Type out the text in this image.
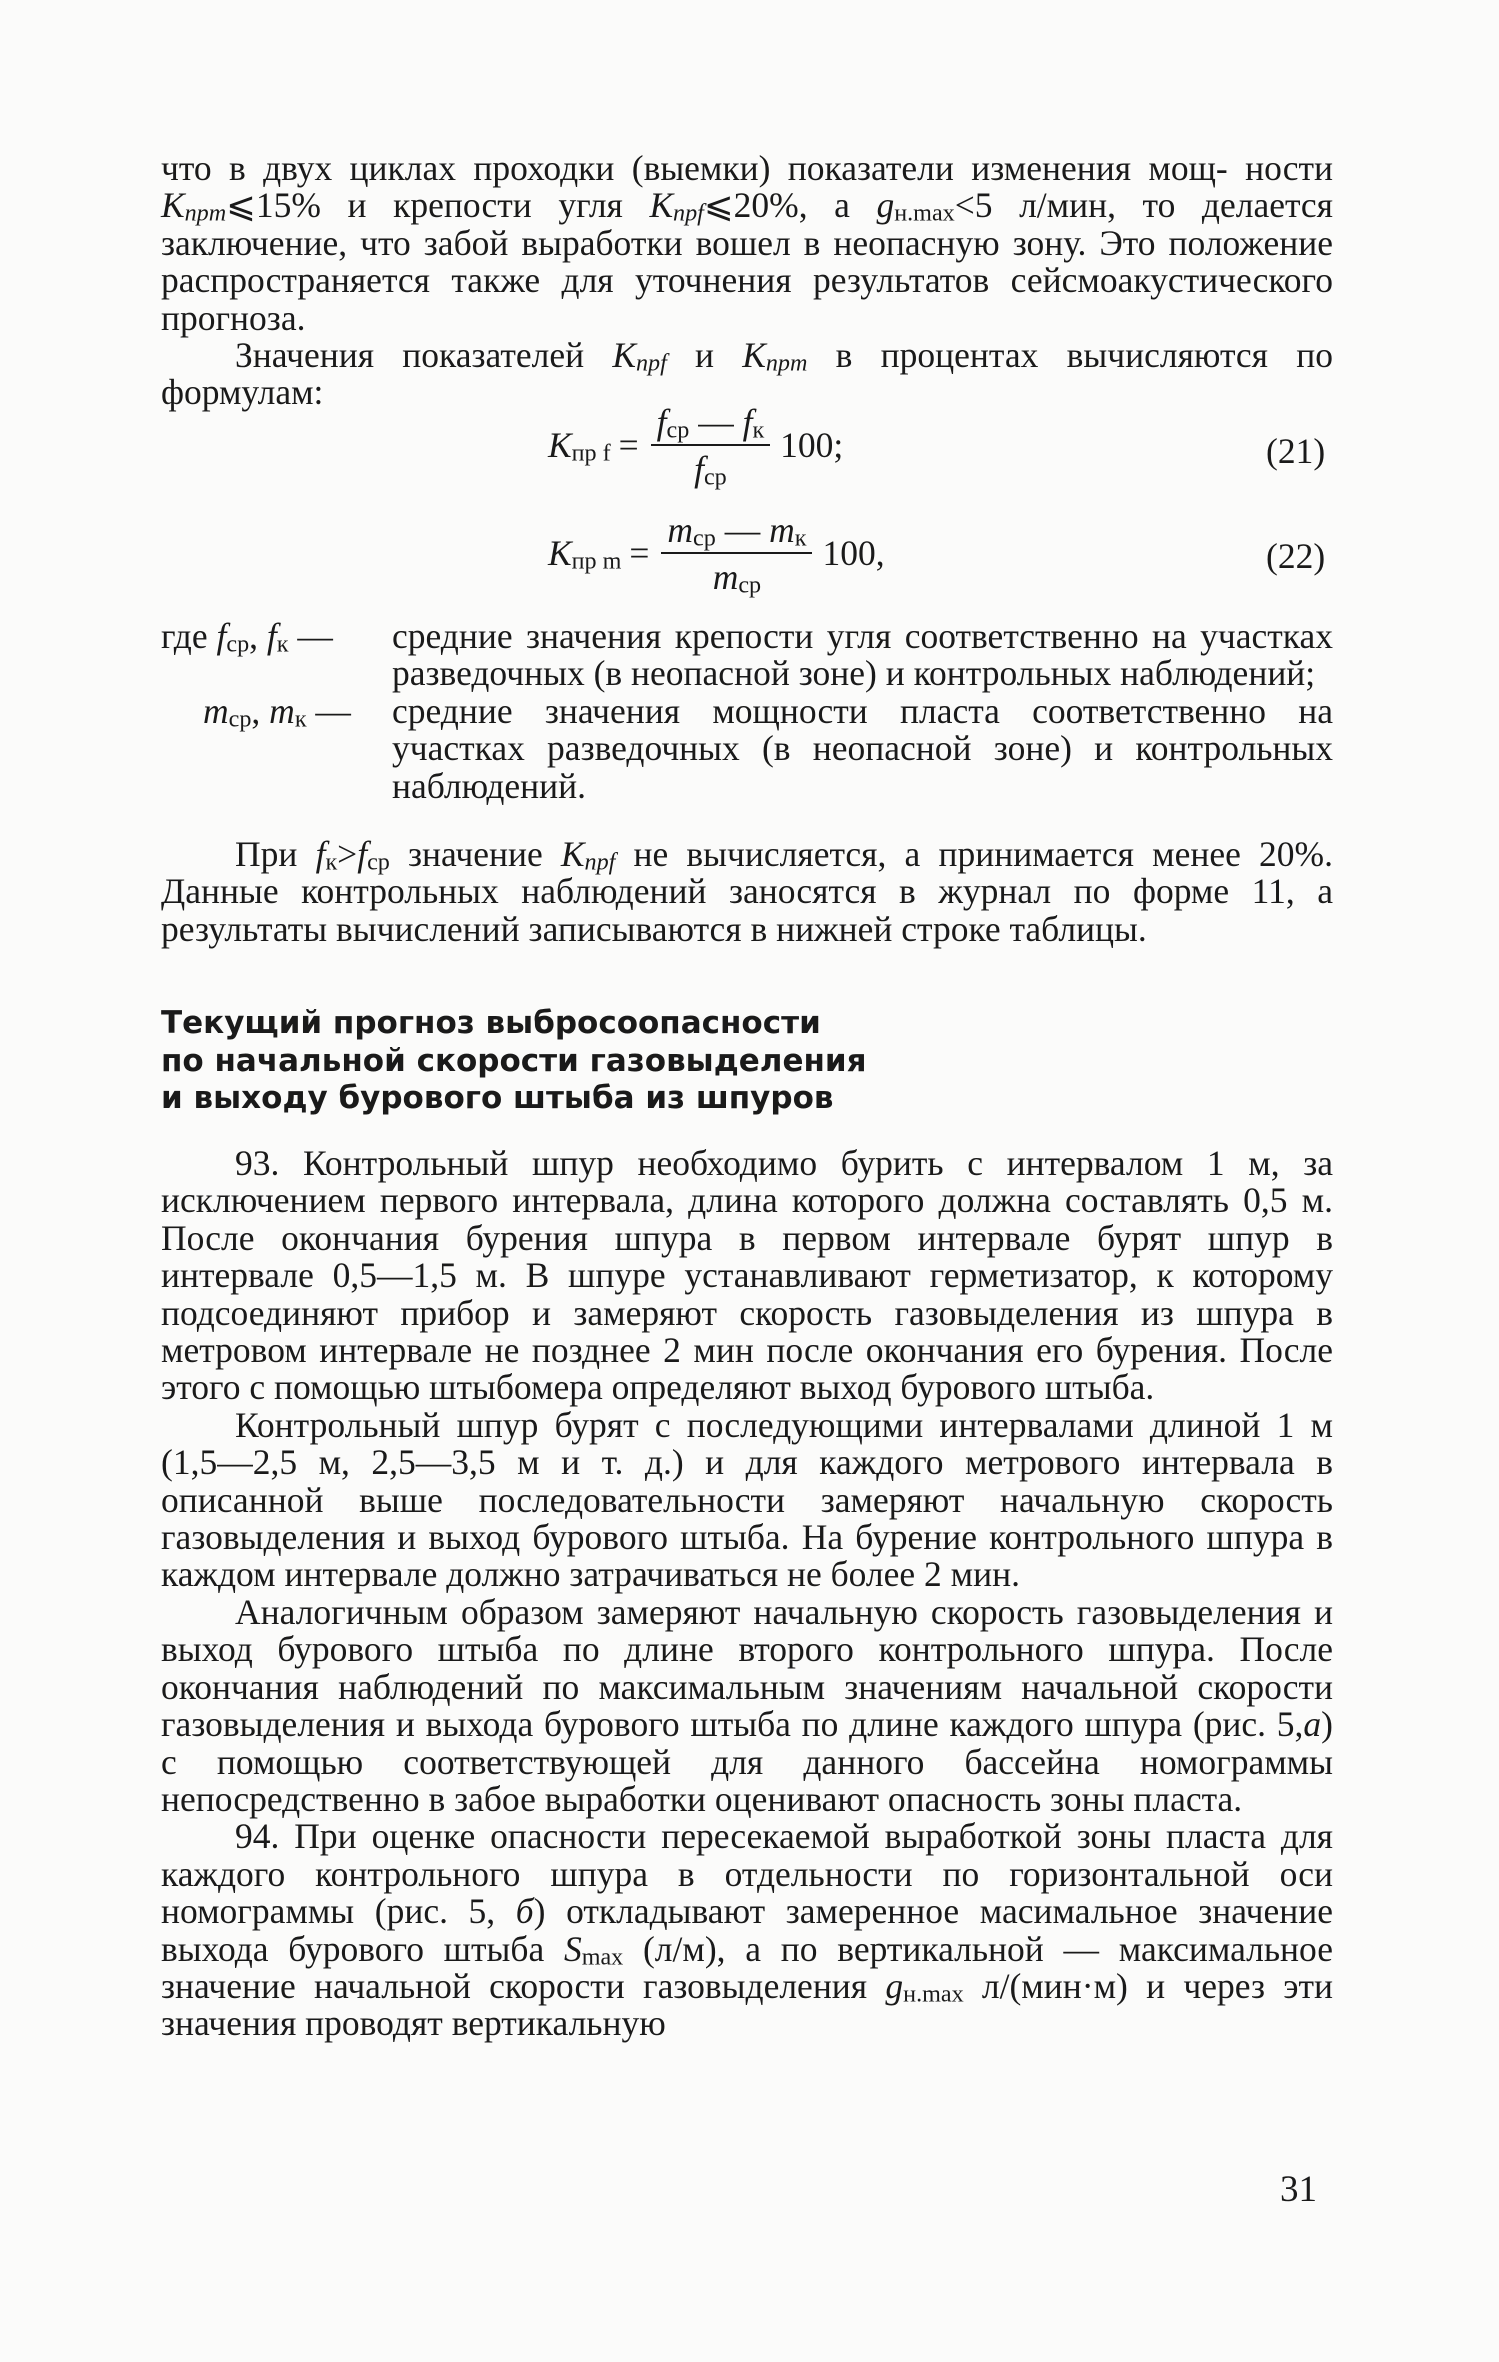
что в двух циклах проходки (выемки) показатели изменения мощ- ности $К_{прm}⩽15\%$ и крепости угля $К_{прf}⩽20\%$, а $g_{н.max}<5$ л/мин, то делается заключение, что забой выработки вошел в неопасную зону. Это положение распространяется также для уточнения результатов сейсмоакустического прогноза.

Значения показателей $К_{прf}$ и $К_{прm}$ в процентах вычисляются по формулам:

$К_{пр f} = \frac{f_{ср} — f_к}{f_{ср}} 100$;	(21)
$К_{пр m} = \frac{m_{ср} — m_к}{m_{ср}} 100$,	(22)
где $f_{ср}$, $f_к$ — средние значения крепости угля соответственно на участках разведочных (в неопасной зоне) и контрольных наблюдений;
$m_{ср}$, $m_к$ — средние значения мощности пласта соответственно на участках разведочных (в неопасной зоне) и контрольных наблюдений.

При $f_к>f_{ср}$ значение $К_{прf}$ не вычисляется, а принимается менее 20%. Данные контрольных наблюдений заносятся в журнал по форме 11, а результаты вычислений записываются в нижней строке таблицы.

Текущий прогноз выбросоопасности
по начальной скорости газовыделения
и выходу бурового штыба из шпуров

93. Контрольный шпур необходимо бурить с интервалом 1 м, за исключением первого интервала, длина которого должна составлять 0,5 м. После окончания бурения шпура в первом интервале бурят шпур в интервале 0,5—1,5 м. В шпуре устанавливают герметизатор, к которому подсоединяют прибор и замеряют скорость газовыделения из шпура в метровом интервале не позднее 2 мин после окончания его бурения. После этого с помощью штыбомера определяют выход бурового штыба.

Контрольный шпур бурят с последующими интервалами длиной 1 м (1,5—2,5 м, 2,5—3,5 м и т. д.) и для каждого метрового интервала в описанной выше последовательности замеряют начальную скорость газовыделения и выход бурового штыба. На бурение контрольного шпура в каждом интервале должно затрачиваться не более 2 мин.

Аналогичным образом замеряют начальную скорость газовыделения и выход бурового штыба по длине второго контрольного шпура. После окончания наблюдений по максимальным значениям начальной скорости газовыделения и выхода бурового штыба по длине каждого шпура (рис. 5,а) с помощью соответствующей для данного бассейна номограммы непосредственно в забое выработки оценивают опасность зоны пласта.

94. При оценке опасности пересекаемой выработкой зоны пласта для каждого контрольного шпура в отдельности по горизонтальной оси номограммы (рис. 5, б) откладывают замеренное масимальное значение выхода бурового штыба $S_{max}$ (л/м), а по вертикальной — максимальное значение начальной скорости газовыделения $g_{н.max}$ л/(мин·м) и через эти значения проводят вертикальную

31
